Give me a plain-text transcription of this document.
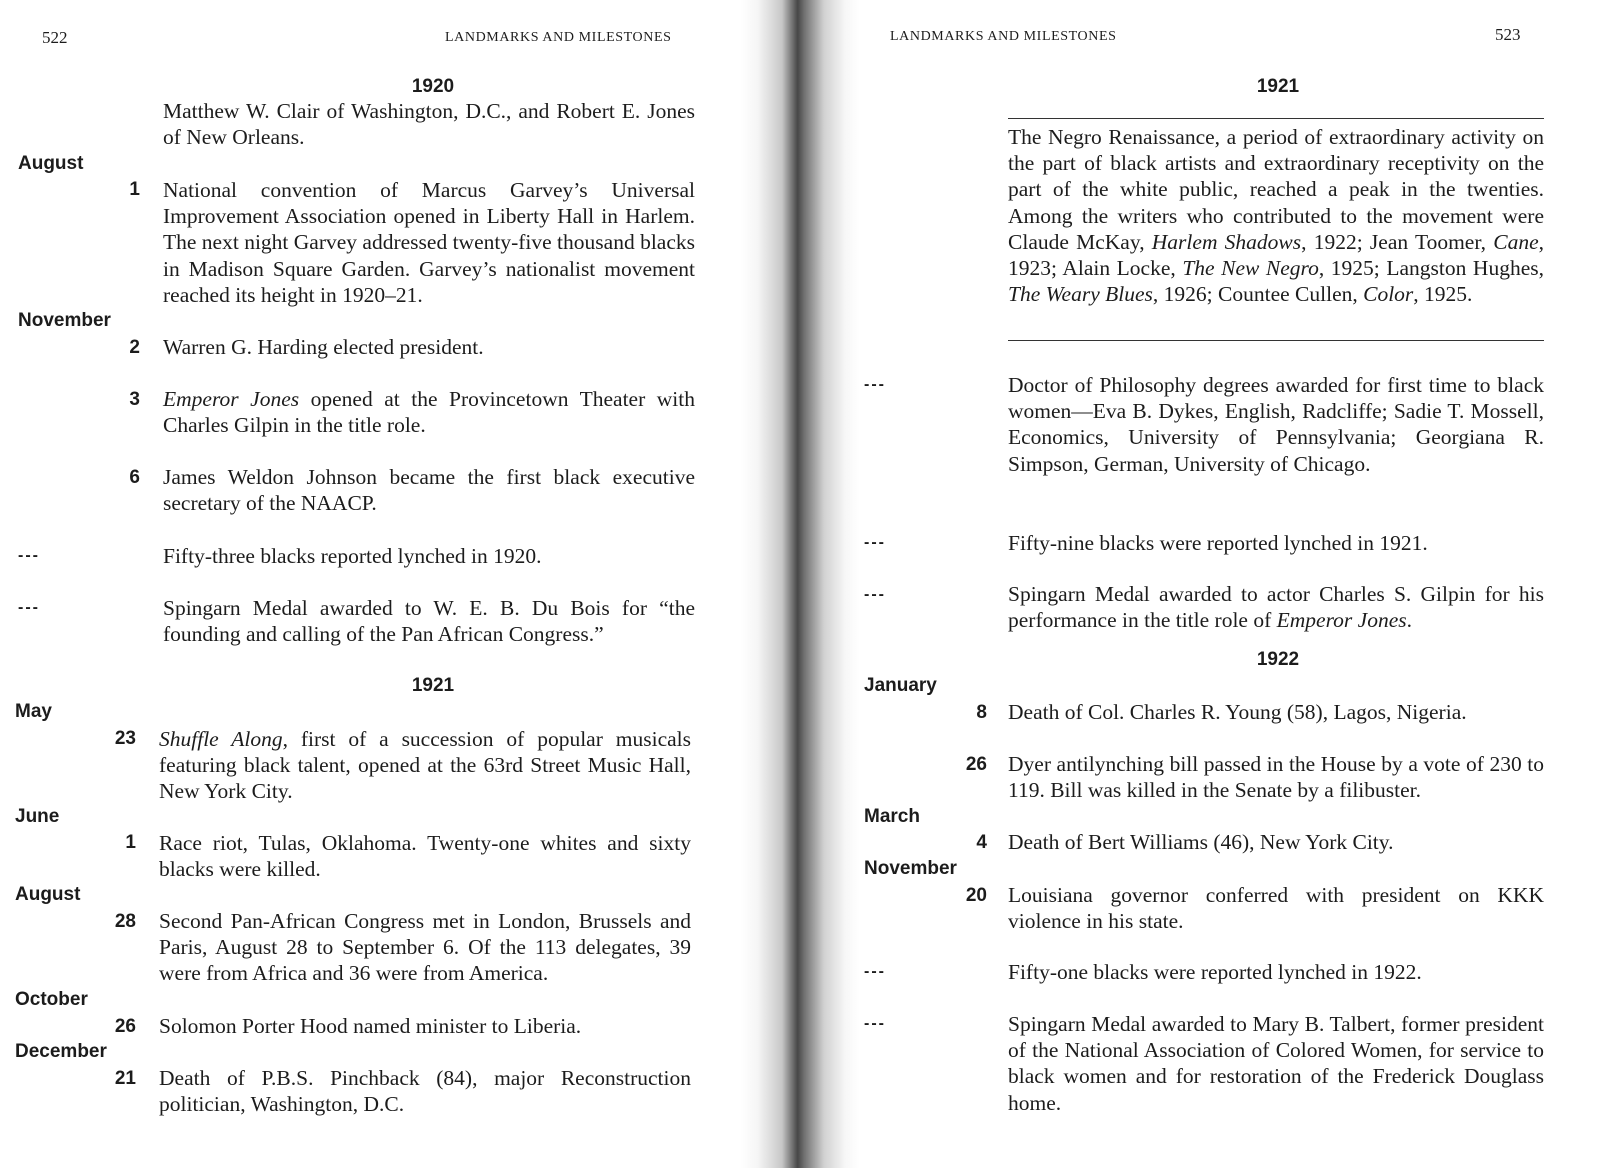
522	LANDMARKS AND MILESTONES
1920

Matthew W. Clair of Washington, D.C., and Robert E. Jones of New Orleans.

August
1 National convention of Marcus Garvey’s Universal Improvement Association opened in Liberty Hall in Harlem. The next night Garvey addressed twenty-five thousand blacks in Madison Square Garden. Garvey’s nationalist movement reached its height in 1920–21.

November
2 Warren G. Harding elected president.

3 Emperor Jones opened at the Provincetown Theater with Charles Gilpin in the title role.

6 James Weldon Johnson became the first black executive secretary of the NAACP.

---	Fifty-three blacks reported lynched in 1920.

---	Spingarn Medal awarded to W. E. B. Du Bois for “the founding and calling of the Pan African Congress.”

1921
May
23 Shuffle Along, first of a succession of popular musicals featuring black talent, opened at the 63rd Street Music Hall, New York City.

June
1 Race riot, Tulas, Oklahoma. Twenty-one whites and sixty blacks were killed.

August
28 Second Pan-African Congress met in London, Brussels and Paris, August 28 to September 6. Of the 113 delegates, 39 were from Africa and 36 were from America.

October
26 Solomon Porter Hood named minister to Liberia.

December
21 Death of P.B.S. Pinchback (84), major Reconstruction politician, Washington, D.C.

LANDMARKS AND MILESTONES	523
1921

The Negro Renaissance, a period of extraordinary activity on the part of black artists and extraordinary receptivity on the part of the white public, reached a peak in the twenties. Among the writers who contributed to the movement were Claude McKay, Harlem Shadows, 1922; Jean Toomer, Cane, 1923; Alain Locke, The New Negro, 1925; Langston Hughes, The Weary Blues, 1926; Countee Cullen, Color, 1925.

---	Doctor of Philosophy degrees awarded for first time to black women—Eva B. Dykes, English, Radcliffe; Sadie T. Mossell, Economics, University of Pennsylvania; Georgiana R. Simpson, German, University of Chicago.

---	Fifty-nine blacks were reported lynched in 1921.

---	Spingarn Medal awarded to actor Charles S. Gilpin for his performance in the title role of Emperor Jones.

1922
January
8 Death of Col. Charles R. Young (58), Lagos, Nigeria.

26 Dyer antilynching bill passed in the House by a vote of 230 to 119. Bill was killed in the Senate by a filibuster.

March
4 Death of Bert Williams (46), New York City.

November
20 Louisiana governor conferred with president on KKK violence in his state.

---	Fifty-one blacks were reported lynched in 1922.

---	Spingarn Medal awarded to Mary B. Talbert, former president of the National Association of Colored Women, for service to black women and for restoration of the Frederick Douglass home.
